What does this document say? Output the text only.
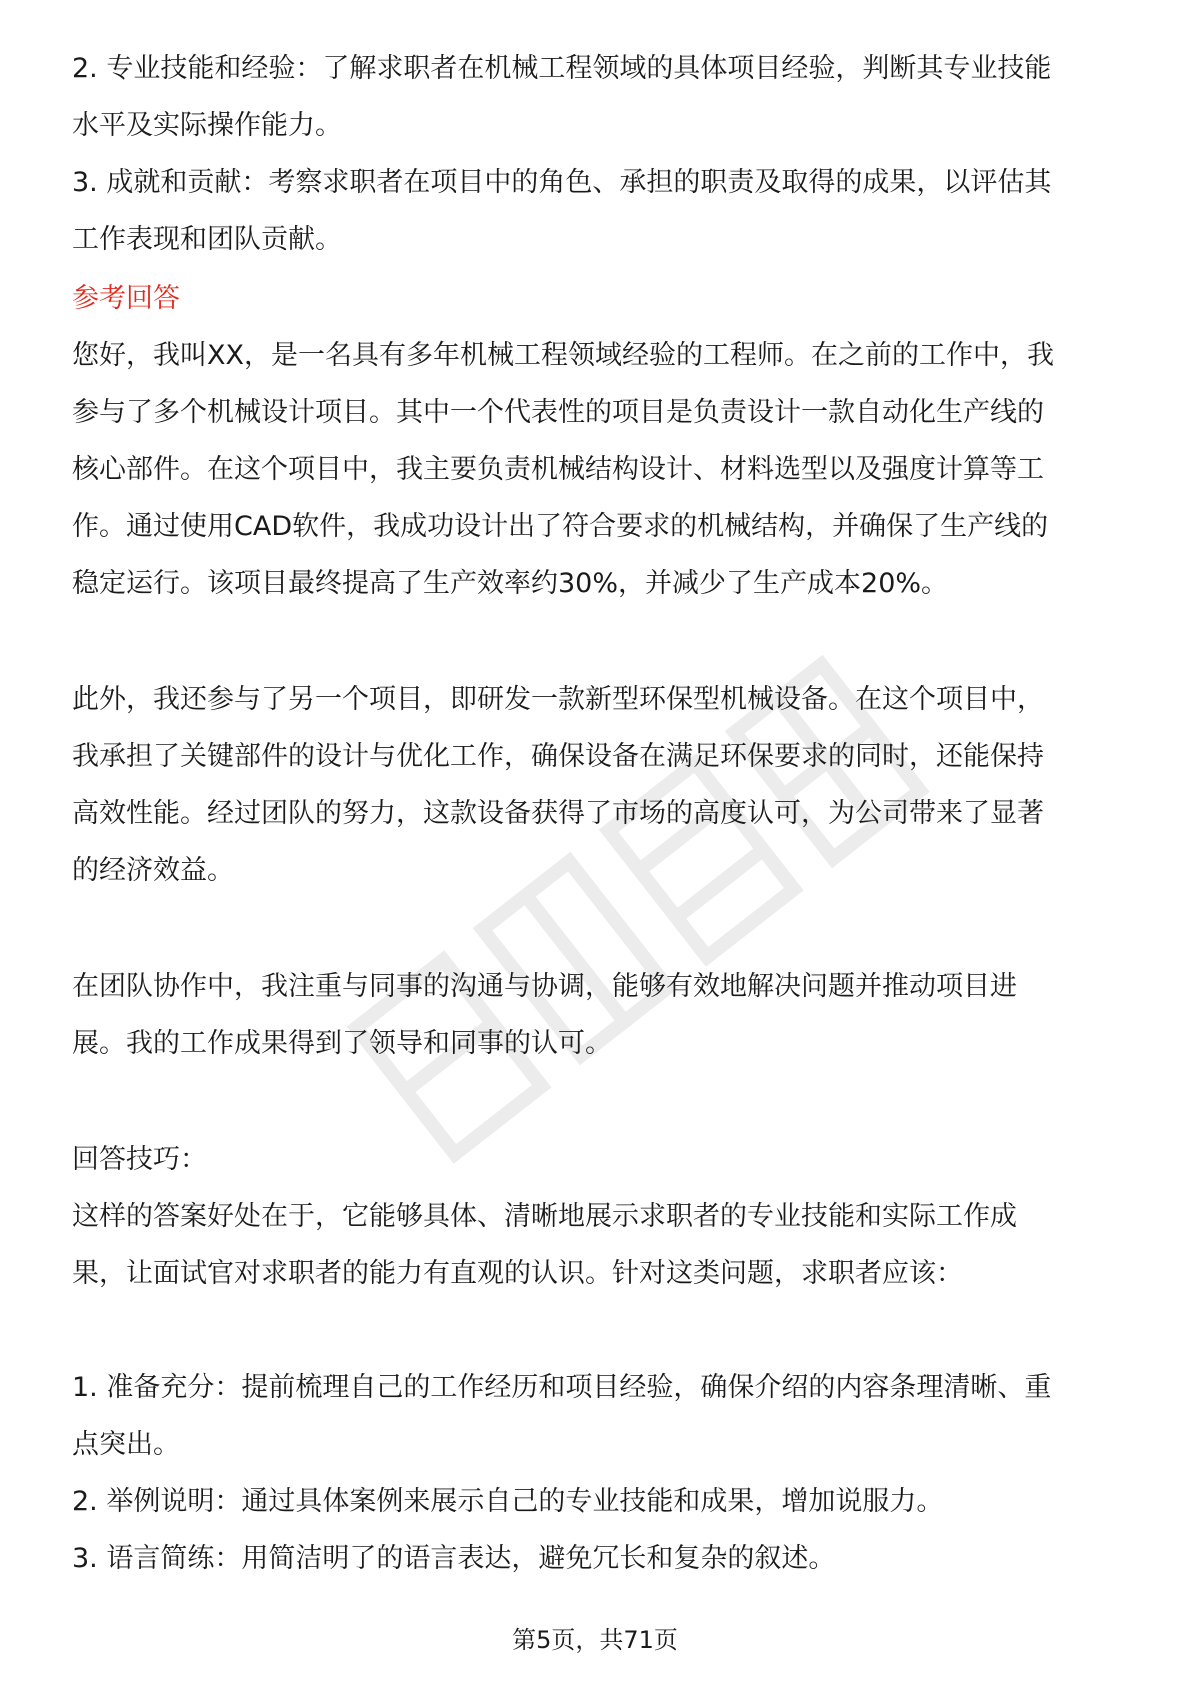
2. 专业技能和经验：了解求职者在机械工程领域的具体项目经验，判断其专业技能
水平及实际操作能力。
3. 成就和贡献：考察求职者在项目中的角色、承担的职责及取得的成果，以评估其
工作表现和团队贡献。
参考回答
您好，我叫XX，是一名具有多年机械工程领域经验的工程师。在之前的工作中，我
参与了多个机械设计项目。其中一个代表性的项目是负责设计一款自动化生产线的
核心部件。在这个项目中，我主要负责机械结构设计、材料选型以及强度计算等工
作。通过使用CAD软件，我成功设计出了符合要求的机械结构，并确保了生产线的
稳定运行。该项目最终提高了生产效率约30%，并减少了生产成本20%。
此外，我还参与了另一个项目，即研发一款新型环保型机械设备。在这个项目中，
我承担了关键部件的设计与优化工作，确保设备在满足环保要求的同时，还能保持
高效性能。经过团队的努力，这款设备获得了市场的高度认可，为公司带来了显著
的经济效益。
在团队协作中，我注重与同事的沟通与协调，能够有效地解决问题并推动项目进
展。我的工作成果得到了领导和同事的认可。
回答技巧：
这样的答案好处在于，它能够具体、清晰地展示求职者的专业技能和实际工作成
果，让面试官对求职者的能力有直观的认识。针对这类问题，求职者应该：
1. 准备充分：提前梳理自己的工作经历和项目经验，确保介绍的内容条理清晰、重
点突出。
2. 举例说明：通过具体案例来展示自己的专业技能和成果，增加说服力。
3. 语言简练：用简洁明了的语言表达，避免冗长和复杂的叙述。
第5页，共71页
